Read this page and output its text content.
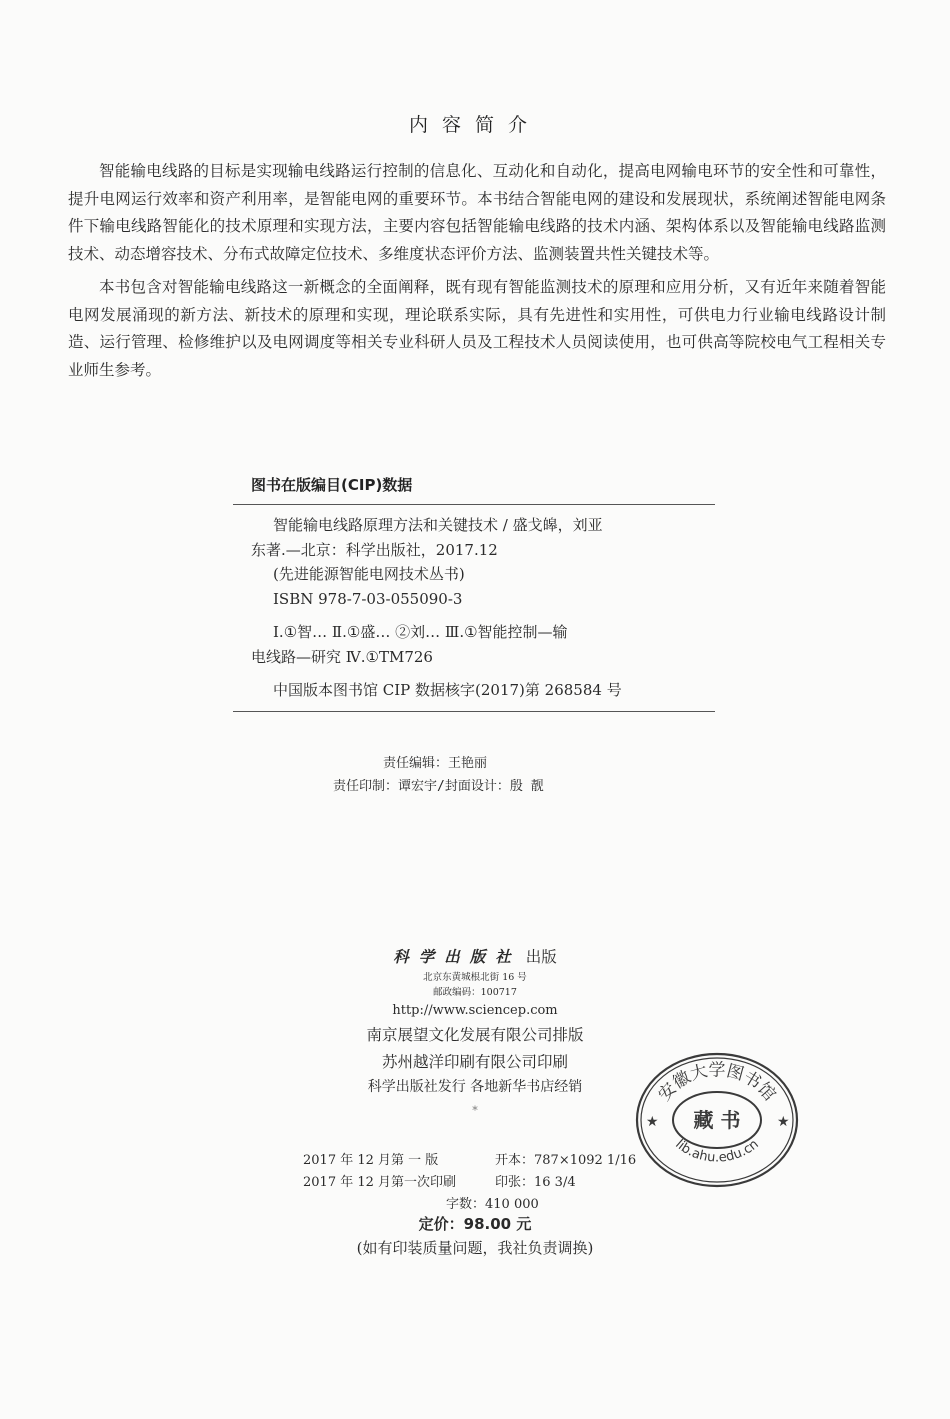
内容简介

智能输电线路的目标是实现输电线路运行控制的信息化、互动化和自动化，提高电网输电环节的安全性和可靠性，提升电网运行效率和资产利用率，是智能电网的重要环节。本书结合智能电网的建设和发展现状，系统阐述智能电网条件下输电线路智能化的技术原理和实现方法，主要内容包括智能输电线路的技术内涵、架构体系以及智能输电线路监测技术、动态增容技术、分布式故障定位技术、多维度状态评价方法、监测装置共性关键技术等。

本书包含对智能输电线路这一新概念的全面阐释，既有现有智能监测技术的原理和应用分析，又有近年来随着智能电网发展涌现的新方法、新技术的原理和实现，理论联系实际，具有先进性和实用性，可供电力行业输电线路设计制造、运行管理、检修维护以及电网调度等相关专业科研人员及工程技术人员阅读使用，也可供高等院校电气工程相关专业师生参考。

图书在版编目(CIP)数据
智能输电线路原理方法和关键技术 / 盛戈皞，刘亚
东著.—北京：科学出版社，2017.12
(先进能源智能电网技术丛书)
ISBN 978-7-03-055090-3
Ⅰ.①智… Ⅱ.①盛… ②刘… Ⅲ.①智能控制—输
电线路—研究 Ⅳ.①TM726
中国版本图书馆 CIP 数据核字(2017)第 268584 号
责任编辑：王艳丽
责任印制：谭宏宇/封面设计：殷 靓
科学出版社 出版
北京东黄城根北街 16 号
邮政编码：100717
http://www.sciencep.com
南京展望文化发展有限公司排版
苏州越洋印刷有限公司印刷
科学出版社发行 各地新华书店经销
*
2017 年 12 月第 一 版	开本：787×1092 1/16
2017 年 12 月第一次印刷	印张：16 3/4
字数：410 000
定价：98.00 元
(如有印装质量问题，我社负责调换)
安徽大学图书馆
藏 书
★	★
lib.ahu.edu.cn
